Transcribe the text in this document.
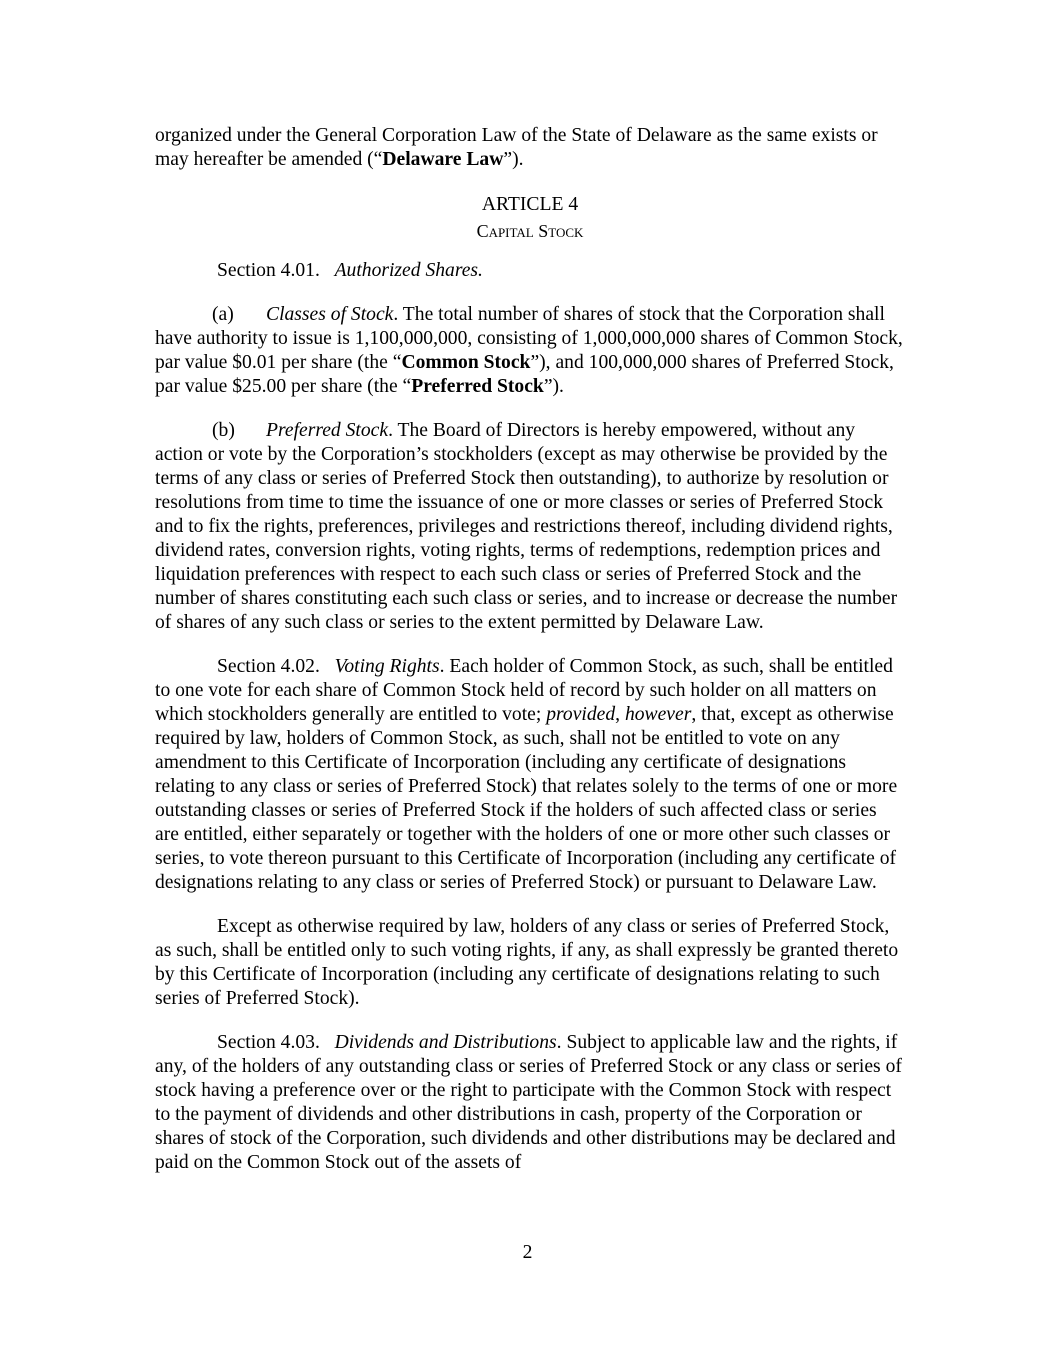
organized under the General Corporation Law of the State of Delaware as the same exists or may hereafter be amended (“Delaware Law”).

ARTICLE 4

Capital Stock

Section 4.01. Authorized Shares.

(a) Classes of Stock. The total number of shares of stock that the Corporation shall have authority to issue is 1,100,000,000, consisting of 1,000,000,000 shares of Common Stock, par value $0.01 per share (the “Common Stock”), and 100,000,000 shares of Preferred Stock, par value $25.00 per share (the “Preferred Stock”).

(b) Preferred Stock. The Board of Directors is hereby empowered, without any action or vote by the Corporation’s stockholders (except as may otherwise be provided by the terms of any class or series of Preferred Stock then outstanding), to authorize by resolution or resolutions from time to time the issuance of one or more classes or series of Preferred Stock and to fix the rights, preferences, privileges and restrictions thereof, including dividend rights, dividend rates, conversion rights, voting rights, terms of redemptions, redemption prices and liquidation preferences with respect to each such class or series of Preferred Stock and the number of shares constituting each such class or series, and to increase or decrease the number of shares of any such class or series to the extent permitted by Delaware Law.

Section 4.02. Voting Rights. Each holder of Common Stock, as such, shall be entitled to one vote for each share of Common Stock held of record by such holder on all matters on which stockholders generally are entitled to vote; provided, however, that, except as otherwise required by law, holders of Common Stock, as such, shall not be entitled to vote on any amendment to this Certificate of Incorporation (including any certificate of designations relating to any class or series of Preferred Stock) that relates solely to the terms of one or more outstanding classes or series of Preferred Stock if the holders of such affected class or series are entitled, either separately or together with the holders of one or more other such classes or series, to vote thereon pursuant to this Certificate of Incorporation (including any certificate of designations relating to any class or series of Preferred Stock) or pursuant to Delaware Law.

Except as otherwise required by law, holders of any class or series of Preferred Stock, as such, shall be entitled only to such voting rights, if any, as shall expressly be granted thereto by this Certificate of Incorporation (including any certificate of designations relating to such series of Preferred Stock).

Section 4.03. Dividends and Distributions. Subject to applicable law and the rights, if any, of the holders of any outstanding class or series of Preferred Stock or any class or series of stock having a preference over or the right to participate with the Common Stock with respect to the payment of dividends and other distributions in cash, property of the Corporation or shares of stock of the Corporation, such dividends and other distributions may be declared and paid on the Common Stock out of the assets of

2
